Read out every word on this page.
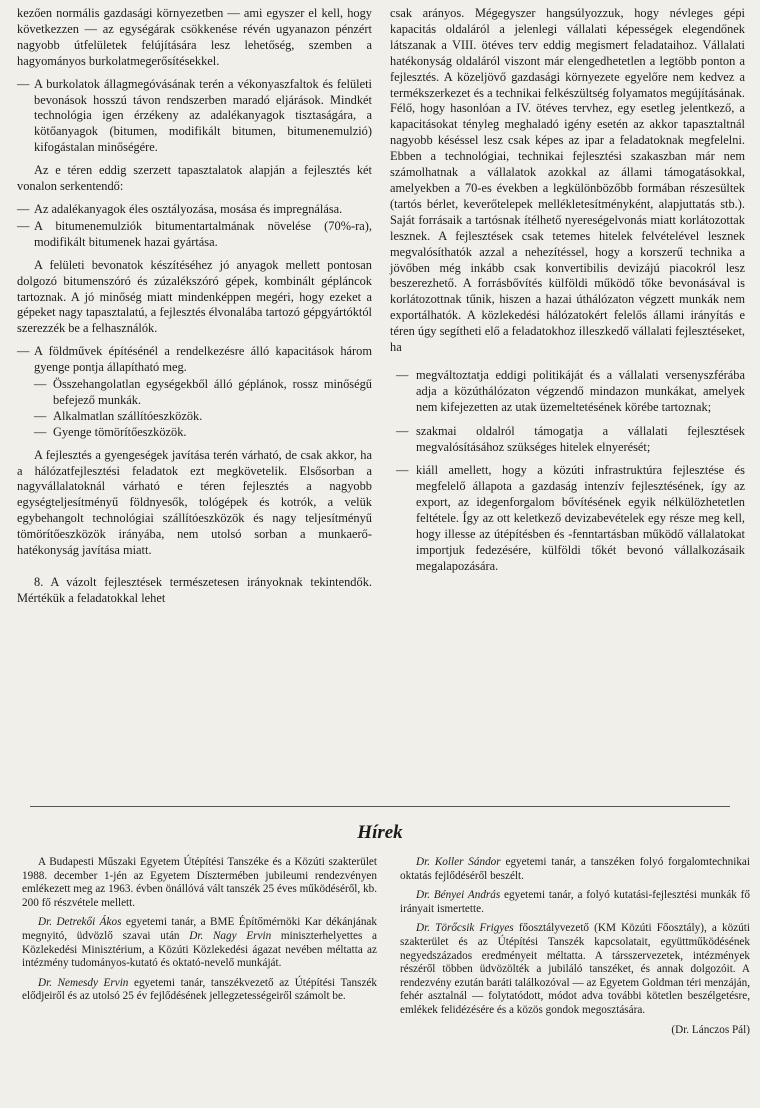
kezően normális gazdasági környezetben — ami egyszer el kell, hogy következzen — az egységárak csökkenése révén ugyanazon pénzért nagyobb útfelületek felújítására lesz lehetőség, szemben a hagyományos burkolatmegerősítésekkel.

— A burkolatok állagmegóvásának terén a vékonyaszfaltok és felületi bevonások hosszú távon rendszerben maradó eljárások. Mindkét technológia igen érzékeny az adalékanyagok tisztaságára, a kötőanyagok (bitumen, modifikált bitumen, bitumenemulzió) kifogástalan minőségére.

Az e téren eddig szerzett tapasztalatok alapján a fejlesztés két vonalon serkentendő:

— Az adalékanyagok éles osztályozása, mosása és impregnálása.
— A bitumenemulziók bitumentartalmának növelése (70%-ra), modifikált bitumenek hazai gyártása.

A felületi bevonatok készítéséhez jó anyagok mellett pontosan dolgozó bitumenszóró és zúzalékszóró gépek, kombinált gépláncok tartoznak. A jó minőség miatt mindenképpen megéri, hogy ezeket a gépeket nagy tapasztalatú, a fejlesztés élvonalába tartozó gépgyártóktól szerezzék be a felhasználók.

— A földművek építésénél a rendelkezésre álló kapacitások három gyenge pontja állapítható meg.
— Összehangolatlan egységekből álló géplánok, rossz minőségű befejező munkák.
— Alkalmatlan szállítóeszközök.
— Gyenge tömörítőeszközök.

A fejlesztés a gyengeségek javítása terén várható, de csak akkor, ha a hálózatfejlesztési feladatok ezt megkövetelik. Elsősorban a nagyvállalatoknál várható e téren fejlesztés a nagyobb egységteljesítményű földnyesők, tológépek és kotrók, a velük egybehangolt technológiai szállítóeszközök és nagy teljesítményű tömörítőeszközök irányába, nem utolsó sorban a munkaerő-hatékonyság javítása miatt.

8. A vázolt fejlesztések természetesen irányoknak tekintendők. Mértékük a feladatokkal lehet

csak arányos. Mégegyszer hangsúlyozzuk, hogy névleges gépi kapacitás oldaláról a jelenlegi vállalati képességek elegendőnek látszanak a VIII. ötéves terv eddig megismert feladataihoz. Vállalati hatékonyság oldaláról viszont már elengedhetetlen a legtöbb ponton a fejlesztés. A közeljövő gazdasági környezete egyelőre nem kedvez a termékszerkezet és a technikai felkészültség folyamatos megújításának. Félő, hogy hasonlóan a IV. ötéves tervhez, egy esetleg jelentkező, a kapacitásokat tényleg meghaladó igény esetén az akkor tapasztaltnál nagyobb késéssel lesz csak képes az ipar a feladatoknak megfelelni. Ebben a technológiai, technikai fejlesztési szakaszban már nem számolhatnak a vállalatok azokkal az állami támogatásokkal, amelyekben a 70-es években a legkülönbözőbb formában részesültek (tartós bérlet, keverőtelepek mellékletesítményként, alapjuttatás stb.). Saját forrásaik a tartósnak ítélhető nyereségelvonás miatt korlátozottak lesznek. A fejlesztések csak tetemes hitelek felvételével lesznek megvalósíthatók azzal a nehezítéssel, hogy a korszerű technika a jövőben még inkább csak konvertibilis devizájú piacokról lesz beszerezhető. A forrásbővítés külföldi működő tőke bevonásával is korlátozottnak tűnik, hiszen a hazai úthálózaton végzett munkák nem exportálhatók. A közlekedési hálózatokért felelős állami irányítás e téren úgy segítheti elő a feladatokhoz illeszkedő vállalati fejlesztéseket, ha

— megváltoztatja eddigi politikáját és a vállalati versenyszférába adja a közúthálózaton végzendő mindazon munkákat, amelyek nem kifejezetten az utak üzemeltetésének körébe tartoznak;
— szakmai oldalról támogatja a vállalati fejlesztések megvalósításához szükséges hitelek elnyerését;
— kiáll amellett, hogy a közúti infrastruktúra fejlesztése és megfelelő állapota a gazdaság intenzív fejlesztésének, így az export, az idegenforgalom bővítésének egyik nélkülözhetetlen feltétele. Így az ott keletkező devizabevételek egy része meg kell, hogy illesse az útépítésben és -fenntartásban működő vállalatokat importjuk fedezésére, külföldi tőkét bevonó vállalkozásaik megalapozására.
Hírek

A Budapesti Műszaki Egyetem Útépítési Tanszéke és a Közúti szakterület 1988. december 1-jén az Egyetem Dísztermében jubileumi rendezvényen emlékezett meg az 1963. évben önállóvá vált tanszék 25 éves működéséről, kb. 200 fő részvétele mellett.

Dr. Detrekői Ákos egyetemi tanár, a BME Építőmérnöki Kar dékánjának megnyitó, üdvözlő szavai után Dr. Nagy Ervin miniszterhelyettes a Közlekedési Minisztérium, a Közúti Közlekedési ágazat nevében méltatta az intézmény tudományos-kutató és oktató-nevelő munkáját.

Dr. Nemesdy Ervin egyetemi tanár, tanszékvezető az Útépítési Tanszék elődjeiről és az utolsó 25 év fejlődésének jellegzetességeiről számolt be.

Dr. Koller Sándor egyetemi tanár, a tanszéken folyó forgalomtechnikai oktatás fejlődéséről beszélt.

Dr. Bényei András egyetemi tanár, a folyó kutatási-fejlesztési munkák fő irányait ismertette.

Dr. Törőcsik Frigyes főosztályvezető (KM Közúti Főosztály), a közúti szakterület és az Útépítési Tanszék kapcsolatait, együttműködésének negyedszázados eredményeit méltatta. A társszervezetek, intézmények részéről többen üdvözölték a jubiláló tanszéket, és annak dolgozóit. A rendezvény ezután baráti találkozóval — az Egyetem Goldman téri menzáján, fehér asztalnál — folytatódott, módot adva további kötetlen beszélgetésre, emlékek felidézésére és a közös gondok megosztására.

(Dr. Lánczos Pál)
